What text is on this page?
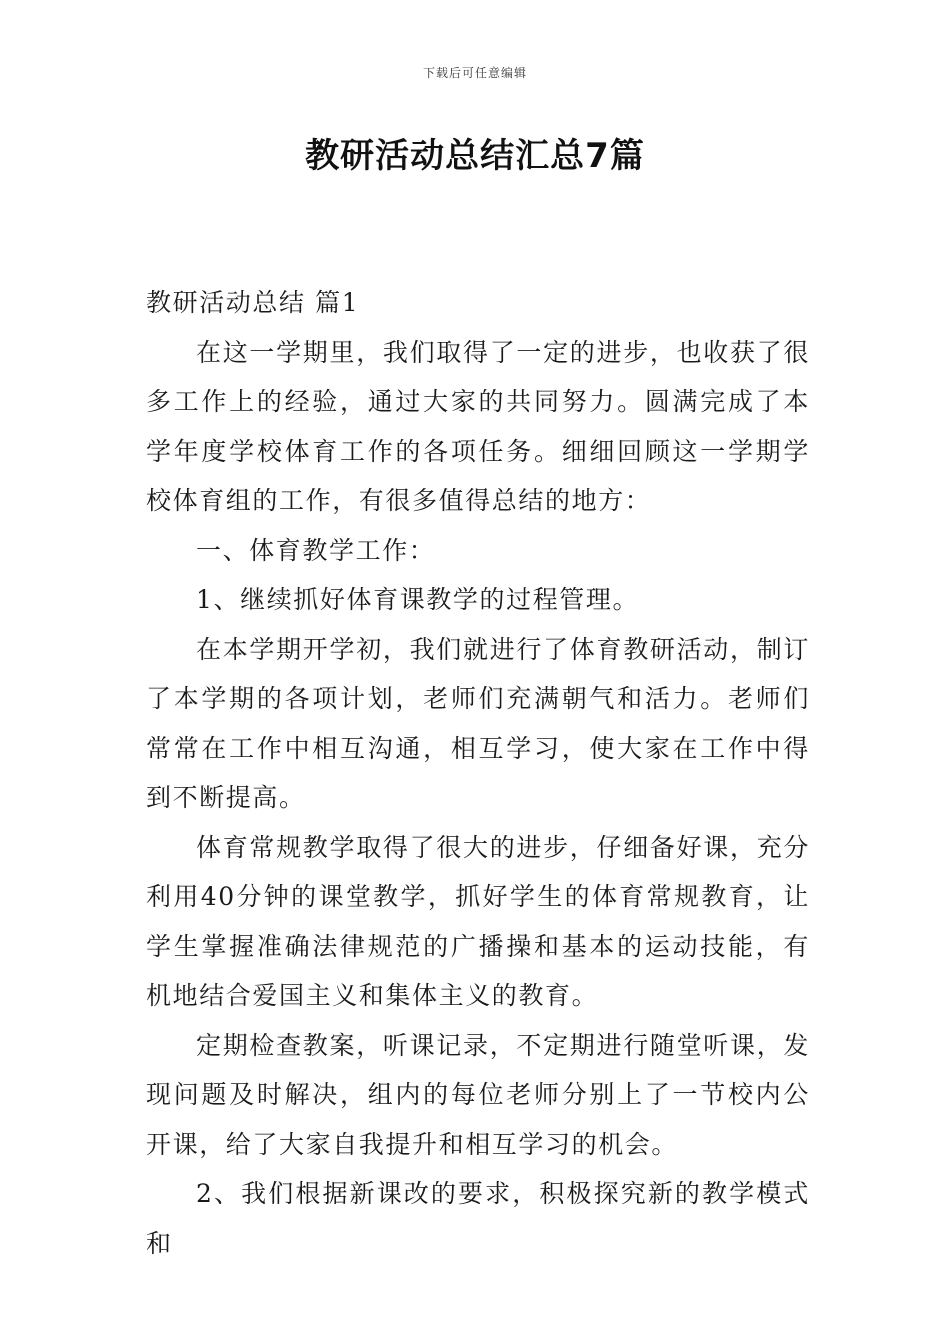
下载后可任意编辑
教研活动总结汇总7篇

教研活动总结 篇1

在这一学期里，我们取得了一定的进步，也收获了很多工作上的经验，通过大家的共同努力。圆满完成了本学年度学校体育工作的各项任务。细细回顾这一学期学校体育组的工作，有很多值得总结的地方：

一、体育教学工作：

1、继续抓好体育课教学的过程管理。

在本学期开学初，我们就进行了体育教研活动，制订了本学期的各项计划，老师们充满朝气和活力。老师们常常在工作中相互沟通，相互学习，使大家在工作中得到不断提高。

体育常规教学取得了很大的进步，仔细备好课，充分利用40分钟的课堂教学，抓好学生的体育常规教育，让学生掌握准确法律规范的广播操和基本的运动技能，有机地结合爱国主义和集体主义的教育。

定期检查教案，听课记录，不定期进行随堂听课，发现问题及时解决，组内的每位老师分别上了一节校内公开课，给了大家自我提升和相互学习的机会。

2、我们根据新课改的要求，积极探究新的教学模式和
